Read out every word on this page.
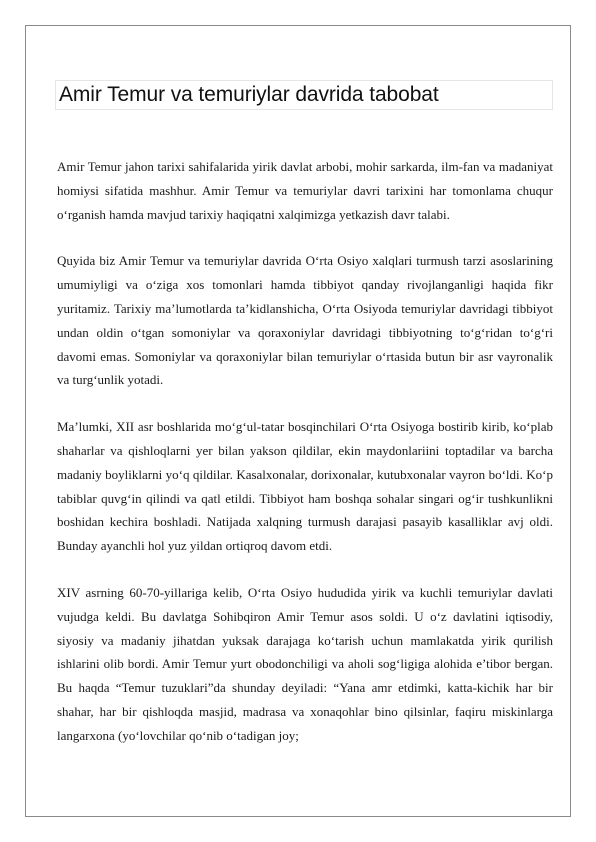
Amir Temur va temuriylar davrida tabobat

Amir Temur jahon tarixi sahifalarida yirik davlat arbobi, mohir sarkarda, ilm-fan va madaniyat homiysi sifatida mashhur. Amir Temur va temuriylar davri tarixini har tomonlama chuqur o‘rganish hamda mavjud tarixiy haqiqatni xalqimizga yetkazish davr talabi.

Quyida biz Amir Temur va temuriylar davrida O‘rta Osiyo xalqlari turmush tarzi asoslarining umumiyligi va o‘ziga xos tomonlari hamda tibbiyot qanday rivojlanganligi haqida fikr yuritamiz. Tarixiy ma’lumotlarda ta’kidlanshicha, O‘rta Osiyoda temuriylar davridagi tibbiyot undan oldin o‘tgan somoniylar va qoraxoniylar davridagi tibbiyotning to‘g‘ridan to‘g‘ri davomi emas. Somoniylar va qoraxoniylar bilan temuriylar o‘rtasida butun bir asr vayronalik va turg‘unlik yotadi.

Ma’lumki, XII asr boshlarida mo‘g‘ul-tatar bosqinchilari O‘rta Osiyoga bostirib kirib, ko‘plab shaharlar va qishloqlarni yer bilan yakson qildilar, ekin maydonlariini toptadilar va barcha madaniy boyliklarni yo‘q qildilar. Kasalxonalar, dorixonalar, kutubxonalar vayron bo‘ldi. Ko‘p tabiblar quvg‘in qilindi va qatl etildi. Tibbiyot ham boshqa sohalar singari og‘ir tushkunlikni boshidan kechira boshladi. Natijada xalqning turmush darajasi pasayib kasalliklar avj oldi. Bunday ayanchli hol yuz yildan ortiqroq davom etdi.

XIV asrning 60-70-yillariga kelib, O‘rta Osiyo hududida yirik va kuchli temuriylar davlati vujudga keldi. Bu davlatga Sohibqiron Amir Temur asos soldi. U o‘z davlatini iqtisodiy, siyosiy va madaniy jihatdan yuksak darajaga ko‘tarish uchun mamlakatda yirik qurilish ishlarini olib bordi. Amir Temur yurt obodonchiligi va aholi sog‘ligiga alohida e’tibor bergan. Bu haqda “Temur tuzuklari”da shunday deyiladi: “Yana amr etdimki, katta-kichik har bir shahar, har bir qishloqda masjid, madrasa va xonaqohlar bino qilsinlar, faqiru miskinlarga langarxona (yo‘lovchilar qo‘nib o‘tadigan joy;
